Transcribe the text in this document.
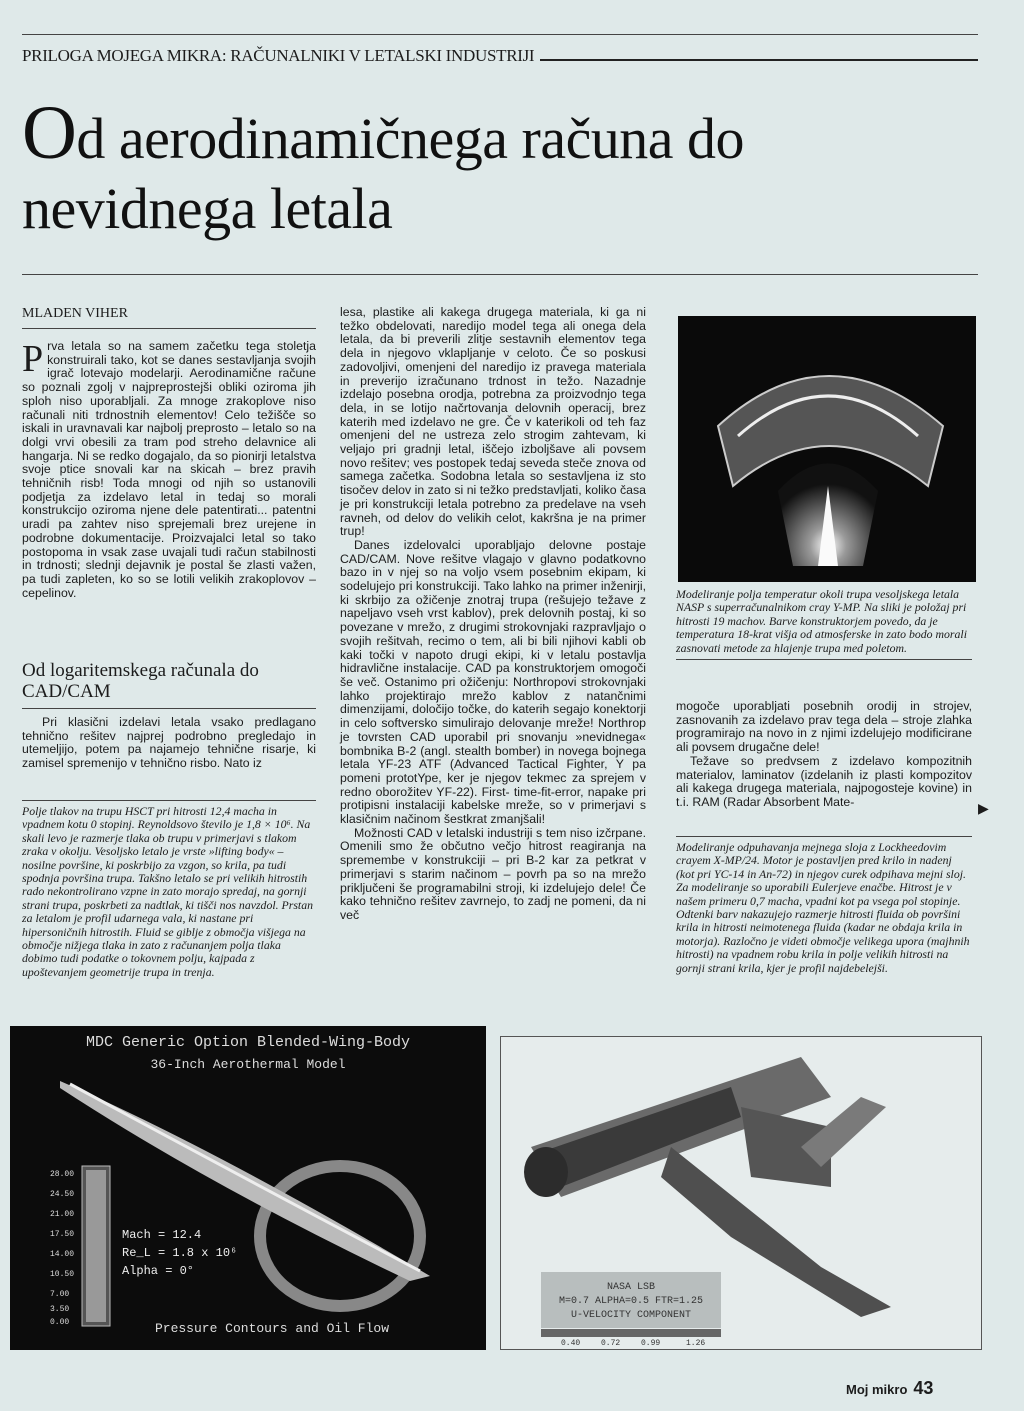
PRILOGA MOJEGA MIKRA: RAČUNALNIKI V LETALSKI INDUSTRIJI
Od aerodinamičnega računa do
nevidnega letala
MLADEN VIHER
P rva letala so na samem začetku tega stoletja konstruirali tako, kot se danes sestavljanja svojih igrač lotevajo modelarji. Aerodinamične račune so poznali zgolj v najpreprostejši obliki oziroma jih sploh niso uporabljali. Za mnoge zrakoplove niso računali niti trdnostnih elementov! Celo težišče so iskali in uravnavali kar najbolj preprosto – letalo so na dolgi vrvi obesili za tram pod streho delavnice ali hangarja. Ni se redko dogajalo, da so pionirji letalstva svoje ptice snovali kar na skicah – brez pravih tehničnih risb! Toda mnogi od njih so ustanovili podjetja za izdelavo letal in tedaj so morali konstrukcijo oziroma njene dele patentirati... patentni uradi pa zahtev niso sprejemali brez urejene in podrobne dokumentacije. Proizvajalci letal so tako postopoma in vsak zase uvajali tudi račun stabilnosti in trdnosti; slednji dejavnik je postal še zlasti važen, pa tudi zapleten, ko so se lotili velikih zrakoplovov – cepelinov.

Od logaritemskega računala do CAD/CAM
Pri klasični izdelavi letala vsako predlagano tehnično rešitev najprej podrobno pregledajo in utemeljijo, potem pa najamejo tehnične risarje, ki zamisel spremenijo v tehnično risbo. Nato iz
Polje tlakov na trupu HSCT pri hitrosti 12,4 macha in vpadnem kotu 0 stopinj. Reynoldsovo število je 1,8 × 10⁶. Na skali levo je razmerje tlaka ob trupu v primerjavi s tlakom zraka v okolju. Vesoljsko letalo je vrste »lifting body« – nosilne površine, ki poskrbijo za vzgon, so krila, pa tudi spodnja površina trupa. Takšno letalo se pri velikih hitrostih rado nekontrolirano vzpne in zato morajo spredaj, na gornji strani trupa, poskrbeti za nadtlak, ki tišči nos navzdol. Prstan za letalom je profil udarnega vala, ki nastane pri hipersoničnih hitrostih. Fluid se giblje z območja višjega na območje nižjega tlaka in zato z računanjem polja tlaka dobimo tudi podatke o tokovnem polju, kajpada z upoštevanjem geometrije trupa in trenja.

lesa, plastike ali kakega drugega materiala, ki ga ni težko obdelovati, naredijo model tega ali onega dela letala, da bi preverili zlitje sestavnih elementov tega dela in njegovo vklapljanje v celoto. Če so poskusi zadovoljivi, omenjeni del naredijo iz pravega materiala in preverijo izračunano trdnost in težo. Nazadnje izdelajo posebna orodja, potrebna za proizvodnjo tega dela, in se lotijo načrtovanja delovnih operacij, brez katerih med izdelavo ne gre. Če v katerikoli od teh faz omenjeni del ne ustreza zelo strogim zahtevam, ki veljajo pri gradnji letal, iščejo izboljšave ali povsem novo rešitev; ves postopek tedaj seveda steče znova od samega začetka. Sodobna letala so sestavljena iz sto tisočev delov in zato si ni težko predstavljati, koliko časa je pri konstrukciji letala potrebno za predelave na vseh ravneh, od delov do velikih celot, kakršna je na primer trup!

Danes izdelovalci uporabljajo delovne postaje CAD/CAM. Nove rešitve vlagajo v glavno podatkovno bazo in v njej so na voljo vsem posebnim ekipam, ki sodelujejo pri konstrukciji. Tako lahko na primer inženirji, ki skrbijo za ožičenje znotraj trupa (rešujejo težave z napeljavo vseh vrst kablov), prek delovnih postaj, ki so povezane v mrežo, z drugimi strokovnjaki razpravljajo o svojih rešitvah, recimo o tem, ali bi bili njihovi kabli ob kaki točki v napoto drugi ekipi, ki v letalu postavlja hidravlične instalacije. CAD pa konstruktorjem omogoči še več. Ostanimo pri ožičenju: Northropovi strokovnjaki lahko projektirajo mrežo kablov z natančnimi dimenzijami, določijo točke, do katerih segajo konektorji in celo softversko simulirajo delovanje mreže! Northrop je tovrsten CAD uporabil pri snovanju »nevidnega« bombnika B-2 (angl. stealth bomber) in novega bojnega letala YF-23 ATF (Advanced Tactical Fighter, Y pa pomeni prototYpe, ker je njegov tekmec za sprejem v redno oborožitev YF-22). First- time-fit-error, napake pri protipisni instalaciji kabelske mreže, so v primerjavi s klasičnim načinom šestkrat zmanjšali!

Možnosti CAD v letalski industriji s tem niso izčrpane. Omenili smo že občutno večjo hitrost reagiranja na spremembe v konstrukciji – pri B-2 kar za petkrat v primerjavi s starim načinom – povrh pa so na mrežo priključeni še programabilni stroji, ki izdelujejo dele! Če kako tehnično rešitev zavrnejo, to zadj ne pomeni, da ni več

Modeliranje polja temperatur okoli trupa vesoljskega letala NASP s superračunalnikom cray Y-MP. Na sliki je položaj pri hitrosti 19 machov. Barve konstruktorjem povedo, da je temperatura 18-krat višja od atmosferske in zato bodo morali zasnovati metode za hlajenje trupa med poletom.

mogoče uporabljati posebnih orodij in strojev, zasnovanih za izdelavo prav tega dela – stroje zlahka programirajo na novo in z njimi izdelujejo modificirane ali povsem drugačne dele!

Težave so predvsem z izdelavo kompozitnih materialov, laminatov (izdelanih iz plasti kompozitov ali kakega drugega materiala, najpogosteje kovine) in t.i. RAM (Radar Absorbent Mate-	▶
Modeliranje odpuhavanja mejnega sloja z Lockheedovim crayem X-MP/24. Motor je postavljen pred krilo in nadenj (kot pri YC-14 in An-72) in njegov curek odpihava mejni sloj. Za modeliranje so uporabili Eulerjeve enačbe. Hitrost je v našem primeru 0,7 macha, vpadni kot pa vsega pol stopinje. Odtenki barv nakazujejo razmerje hitrosti fluida ob površini krila in hitrosti neimotenega fluida (kadar ne obdaja krila in motorja). Razločno je videti območje velikega upora (majhnih hitrosti) na vpadnem robu krila in polje velikih hitrosti na gornji strani krila, kjer je profil najdebelejši.
MDC Generic Option Blended-Wing-Body
36-Inch Aerothermal Model
28.00
24.50
21.00
17.50
14.00
10.50
7.00
3.50
0.00
Mach = 12.4
Re_L = 1.8 x 10⁶
Alpha = 0°
Pressure Contours and Oil Flow
NASA LSB
M=0.7 ALPHA=0.5 FTR=1.25
U-VELOCITY COMPONENT
0.40	0.72	0.99	1.26
Moj mikro 43
